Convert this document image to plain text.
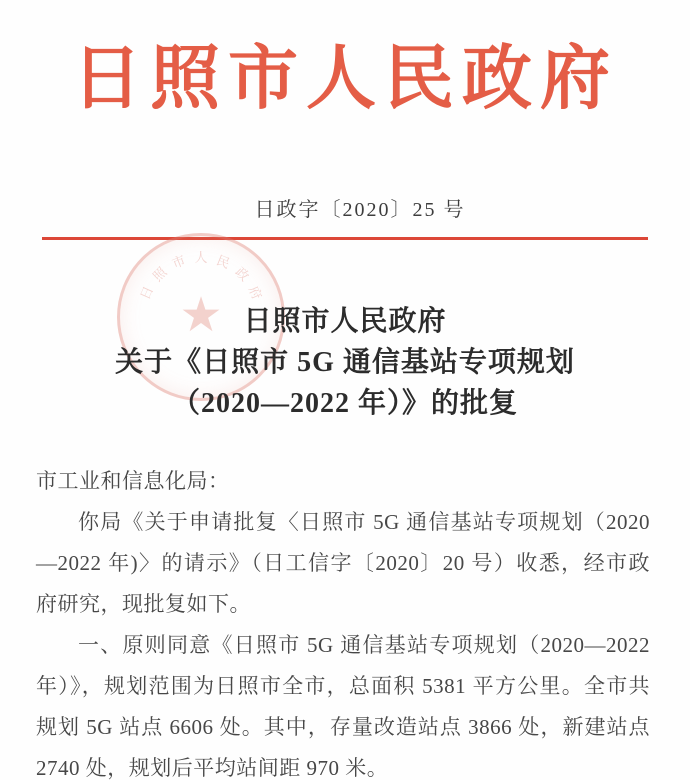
日照市人民政府
日政字〔2020〕25 号
日
照
市 人 民
政
府
★ 日照市人民政府
关于《日照市 5G 通信基站专项规划
（2020—2022 年）》的批复
市工业和信息化局：
你局《关于申请批复〈日照市 5G 通信基站专项规划（2020
—2022 年)〉的请示》（日工信字〔2020〕20 号）收悉，经市政
府研究，现批复如下。
一、原则同意《日照市 5G 通信基站专项规划（2020—2022
年）》，规划范围为日照市全市，总面积 5381 平方公里。全市共
规划 5G 站点 6606 处。其中，存量改造站点 3866 处，新建站点
2740 处，规划后平均站间距 970 米。
